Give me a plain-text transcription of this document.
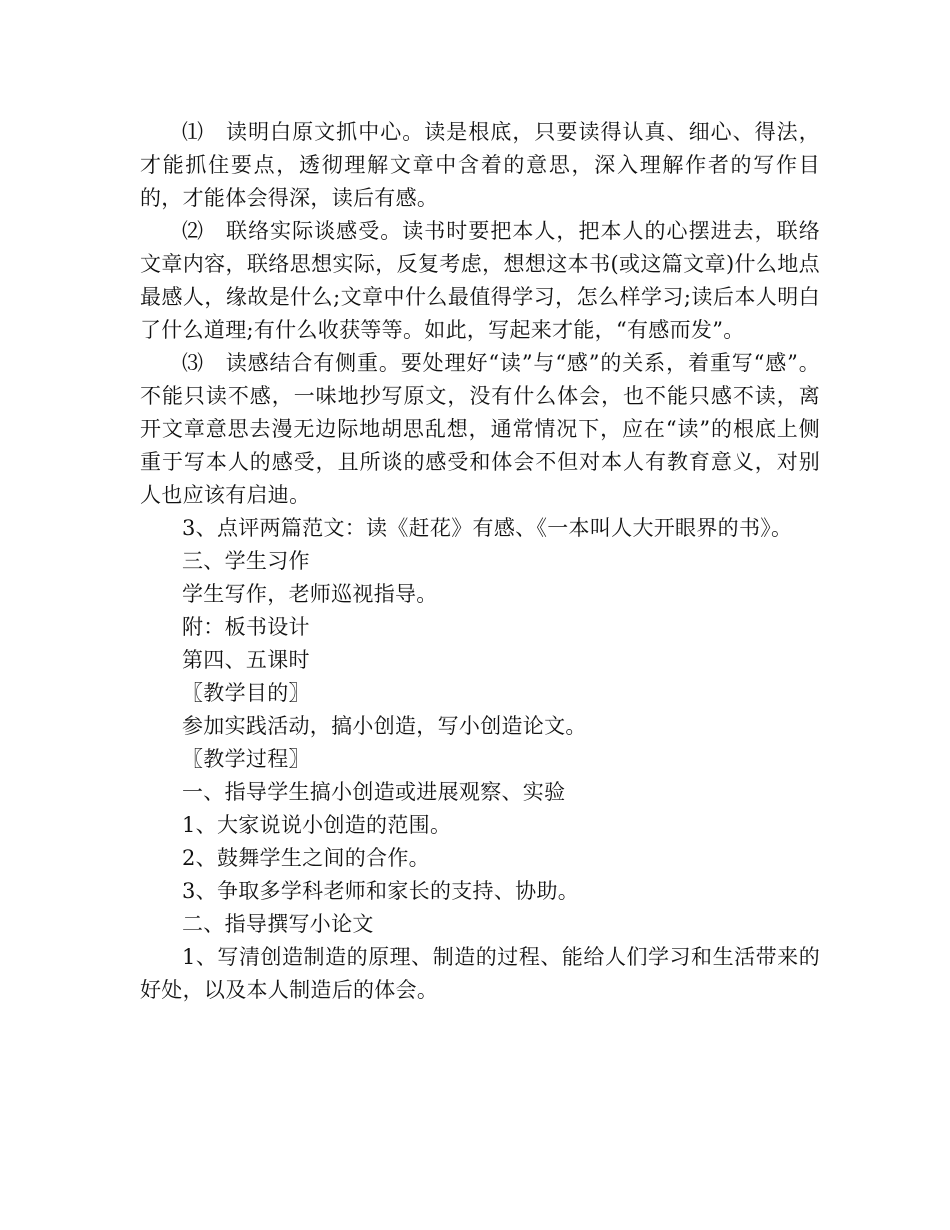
⑴　读明白原文抓中心。读是根底，只要读得认真、细心、得法，才能抓住要点，透彻理解文章中含着的意思，深入理解作者的写作目的，才能体会得深，读后有感。

⑵　联络实际谈感受。读书时要把本人，把本人的心摆进去，联络文章内容，联络思想实际，反复考虑，想想这本书(或这篇文章)什么地点最感人，缘故是什么;文章中什么最值得学习，怎么样学习;读后本人明白了什么道理;有什么收获等等。如此，写起来才能，“有感而发”。

⑶　读感结合有侧重。要处理好“读”与“感”的关系，着重写“感”。不能只读不感，一味地抄写原文，没有什么体会，也不能只感不读，离开文章意思去漫无边际地胡思乱想，通常情况下，应在“读”的根底上侧重于写本人的感受，且所谈的感受和体会不但对本人有教育意义，对别人也应该有启迪。

3、点评两篇范文：读《赶花》有感、《一本叫人大开眼界的书》。

三、学生习作

学生写作，老师巡视指导。

附：板书设计

第四、五课时

〖教学目的〗

参加实践活动，搞小创造，写小创造论文。

〖教学过程〗

一、指导学生搞小创造或进展观察、实验

1、大家说说小创造的范围。

2、鼓舞学生之间的合作。

3、争取多学科老师和家长的支持、协助。

二、指导撰写小论文

1、写清创造制造的原理、制造的过程、能给人们学习和生活带来的好处，以及本人制造后的体会。
